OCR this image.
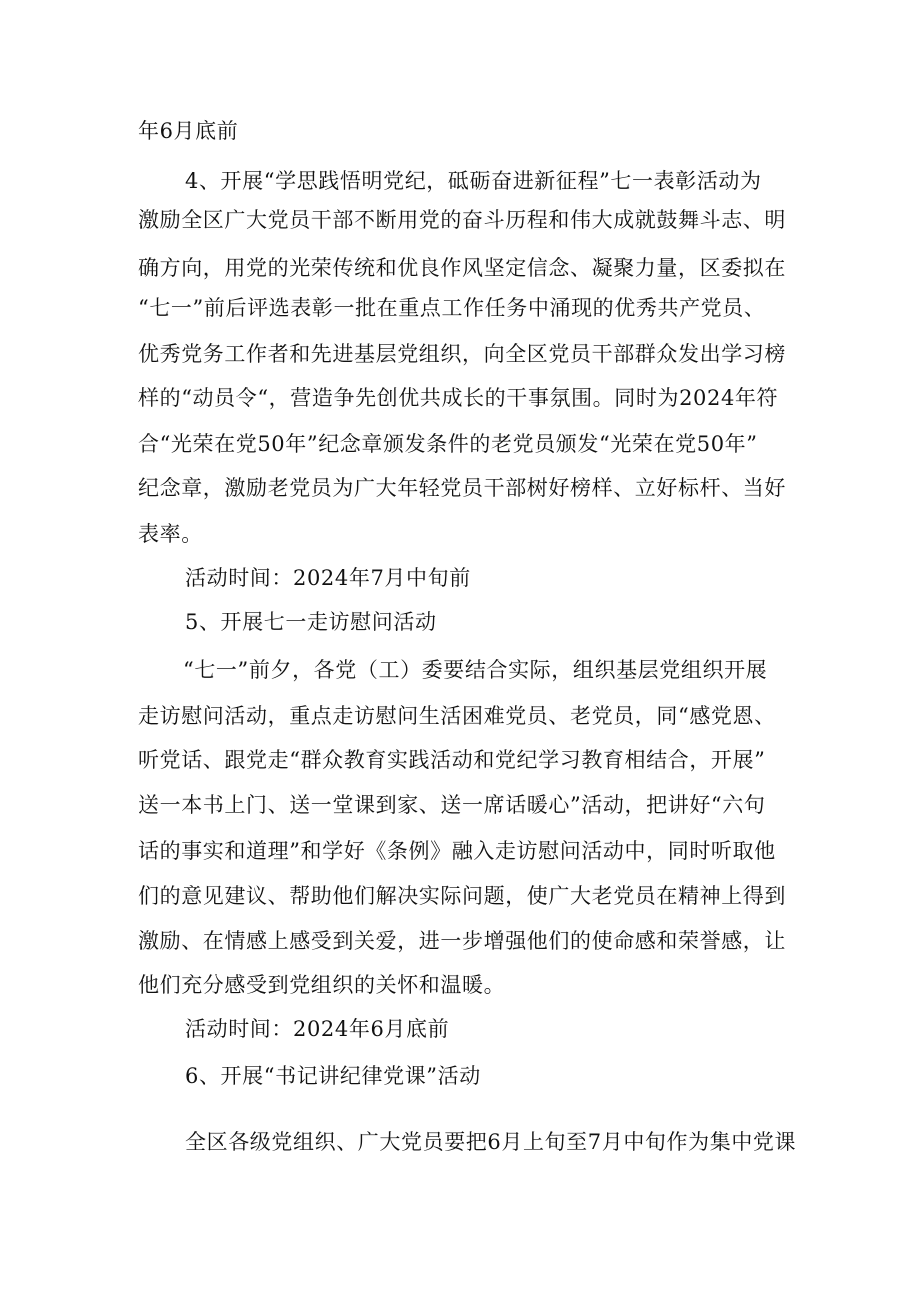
年6月底前
4、开展“学思践悟明党纪，砥砺奋进新征程”七一表彰活动为
激励全区广大党员干部不断用党的奋斗历程和伟大成就鼓舞斗志、明
确方向，用党的光荣传统和优良作风坚定信念、凝聚力量，区委拟在
“七一”前后评选表彰一批在重点工作任务中涌现的优秀共产党员、
优秀党务工作者和先进基层党组织，向全区党员干部群众发出学习榜
样的“动员令“，营造争先创优共成长的干事氛围。同时为2024年符
合“光荣在党50年”纪念章颁发条件的老党员颁发“光荣在党50年”
纪念章，激励老党员为广大年轻党员干部树好榜样、立好标杆、当好
表率。
活动时间：2024年7月中旬前
5、开展七一走访慰问活动
“七一”前夕，各党（工）委要结合实际，组织基层党组织开展
走访慰问活动，重点走访慰问生活困难党员、老党员，同“感党恩、
听党话、跟党走“群众教育实践活动和党纪学习教育相结合，开展”
送一本书上门、送一堂课到家、送一席话暖心”活动，把讲好“六句
话的事实和道理”和学好《条例》融入走访慰问活动中，同时听取他
们的意见建议、帮助他们解决实际问题，使广大老党员在精神上得到
激励、在情感上感受到关爱，进一步增强他们的使命感和荣誉感，让
他们充分感受到党组织的关怀和温暖。
活动时间：2024年6月底前
6、开展“书记讲纪律党课”活动
全区各级党组织、广大党员要把6月上旬至7月中旬作为集中党课
